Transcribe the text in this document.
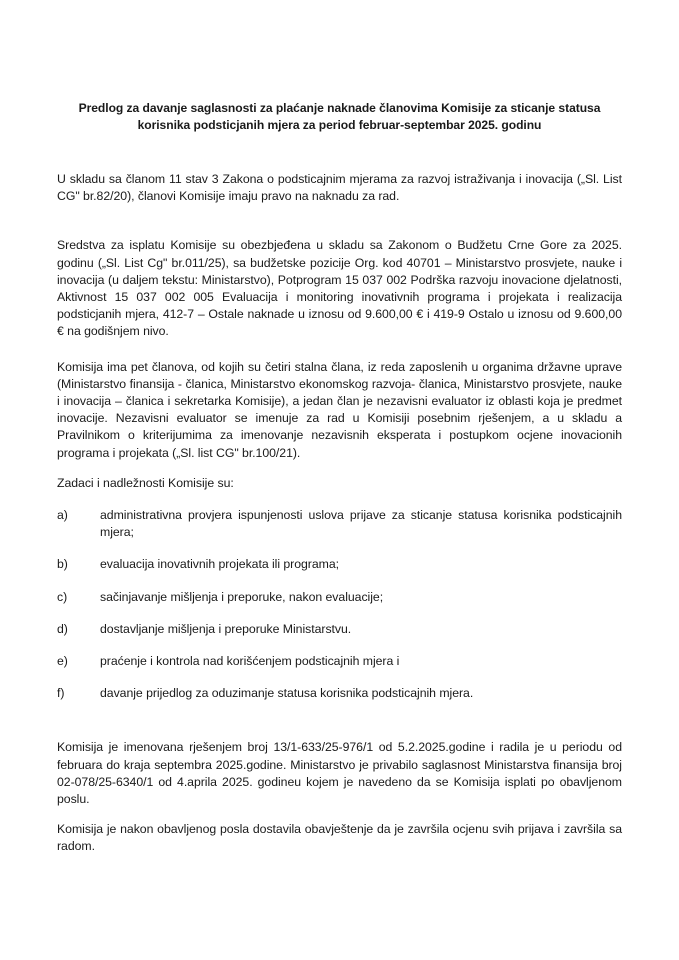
Predlog za davanje saglasnosti za plaćanje naknade članovima Komisije za sticanje statusa korisnika podsticjanih mjera za period februar-septembar 2025. godinu

U skladu sa članom 11 stav 3 Zakona o podsticajnim mjerama za razvoj istraživanja i inovacija („Sl. List CG" br.82/20), članovi Komisije imaju pravo na naknadu za rad.

Sredstva za isplatu Komisije su obezbjeđena u skladu sa Zakonom o Budžetu Crne Gore za 2025. godinu („Sl. List Cg" br.011/25), sa budžetske pozicije Org. kod 40701 – Ministarstvo prosvjete, nauke i inovacija (u daljem tekstu: Ministarstvo), Potprogram 15 037 002 Podrška razvoju inovacione djelatnosti, Aktivnost 15 037 002 005 Evaluacija i monitoring inovativnih programa i projekata i realizacija podsticjanih mjera, 412-7 – Ostale naknade u iznosu od 9.600,00 € i 419-9 Ostalo u iznosu od 9.600,00 € na godišnjem nivo.

Komisija ima pet članova, od kojih su četiri stalna člana, iz reda zaposlenih u organima državne uprave (Ministarstvo finansija - članica, Ministarstvo ekonomskog razvoja- članica, Ministarstvo prosvjete, nauke i inovacija – članica i sekretarka Komisije), a jedan član je nezavisni evaluator iz oblasti koja je predmet inovacije. Nezavisni evaluator se imenuje za rad u Komisiji posebnim rješenjem, a u skladu a Pravilnikom o kriterijumima za imenovanje nezavisnih eksperata i postupkom ocjene inovacionih programa i projekata („Sl. list CG" br.100/21).

Zadaci i nadležnosti Komisije su:

a)	administrativna provjera ispunjenosti uslova prijave za sticanje statusa korisnika podsticajnih mjera;
b)	evaluacija inovativnih projekata ili programa;
c)	sačinjavanje mišljenja i preporuke, nakon evaluacije;
d)	dostavljanje mišljenja i preporuke Ministarstvu.
e)	praćenje i kontrola nad korišćenjem podsticajnih mjera i
f)	davanje prijedlog za oduzimanje statusa korisnika podsticajnih mjera.

Komisija je imenovana rješenjem broj 13/1-633/25-976/1 od 5.2.2025.godine i radila je u periodu od februara do kraja septembra 2025.godine. Ministarstvo je privabilo saglasnost Ministarstva finansija broj 02-078/25-6340/1 od 4.aprila 2025. godineu kojem je navedeno da se Komisija isplati po obavljenom poslu.

Komisija je nakon obavljenog posla dostavila obavještenje da je završila ocjenu svih prijava i završila sa radom.
